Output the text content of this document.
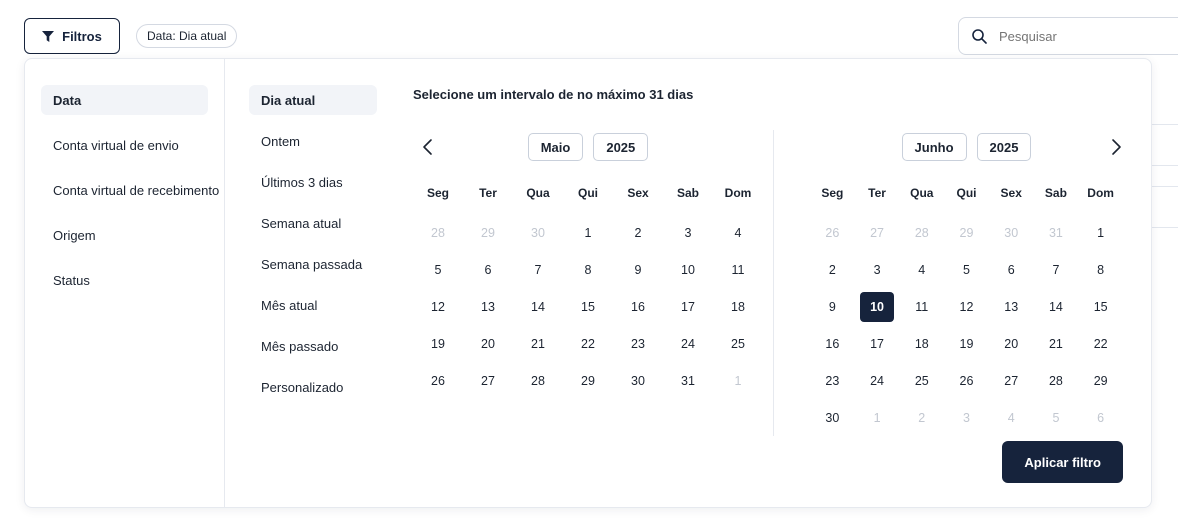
Filtros	Data: Dia atual
Pesquisar
Data
Conta virtual de envio
Conta virtual de recebimento
Origem
Status
Dia atual
Ontem
Últimos 3 dias
Semana atual
Semana passada
Mês atual
Mês passado
Personalizado

Selecione um intervalo de no máximo 31 dias

Maio	2025
Seg	Ter	Qua	Qui	Sex	Sab	Dom
28	29	30	1	2	3	4
5	6	7	8	9	10	11
12	13	14	15	16	17	18
19	20	21	22	23	24	25
26	27	28	29	30	31	1
Junho	2025
Seg	Ter	Qua	Qui	Sex	Sab	Dom
26	27	28	29	30	31	1
2	3	4	5	6	7	8
9	10	11	12	13	14	15
16	17	18	19	20	21	22
23	24	25	26	27	28	29
30	1	2	3	4	5	6
Aplicar filtro
